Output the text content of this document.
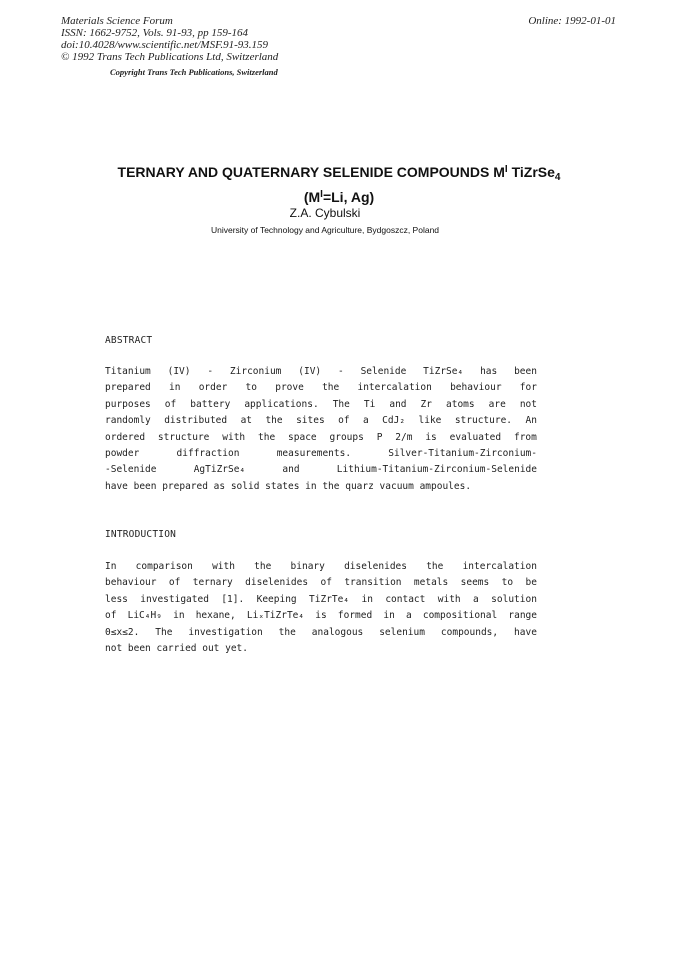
Materials Science Forum
ISSN: 1662-9752, Vols. 91-93, pp 159-164
doi:10.4028/www.scientific.net/MSF.91-93.159
© 1992 Trans Tech Publications Ltd, Switzerland
Online: 1992-01-01
Copyright Trans Tech Publications, Switzerland
TERNARY AND QUATERNARY SELENIDE COMPOUNDS $M^I$ TiZrSe$_4$
($M^I=Li$, Ag)
Z.A. Cybulski
University of Technology and Agriculture, Bydgoszcz, Poland
ABSTRACT
Titanium (IV) - Zirconium (IV) - Selenide TiZrSe₄ has been
prepared in order to prove the intercalation behaviour for
purposes of battery applications. The Ti and Zr atoms are not
randomly distributed at the sites of a CdJ₂ like structure. An
ordered structure with the space groups P 2/m is evaluated from
powder	diffraction	measurements.	Silver-Titanium-Zirconium-
-Selenide	AgTiZrSe₄	and	Lithium-Titanium-Zirconium-Selenide
have been prepared as solid states in the quarz vacuum ampoules.
INTRODUCTION
In comparison with the binary diselenides the intercalation
behaviour of ternary diselenides of transition metals seems to be
less investigated [1]. Keeping TiZrTe₄ in contact with a solution
of LiC₄H₉ in hexane, LiₓTiZrTe₄ is formed in a compositional range
0≤x≤2. The investigation the analogous selenium compounds, have
not been carried out yet.
